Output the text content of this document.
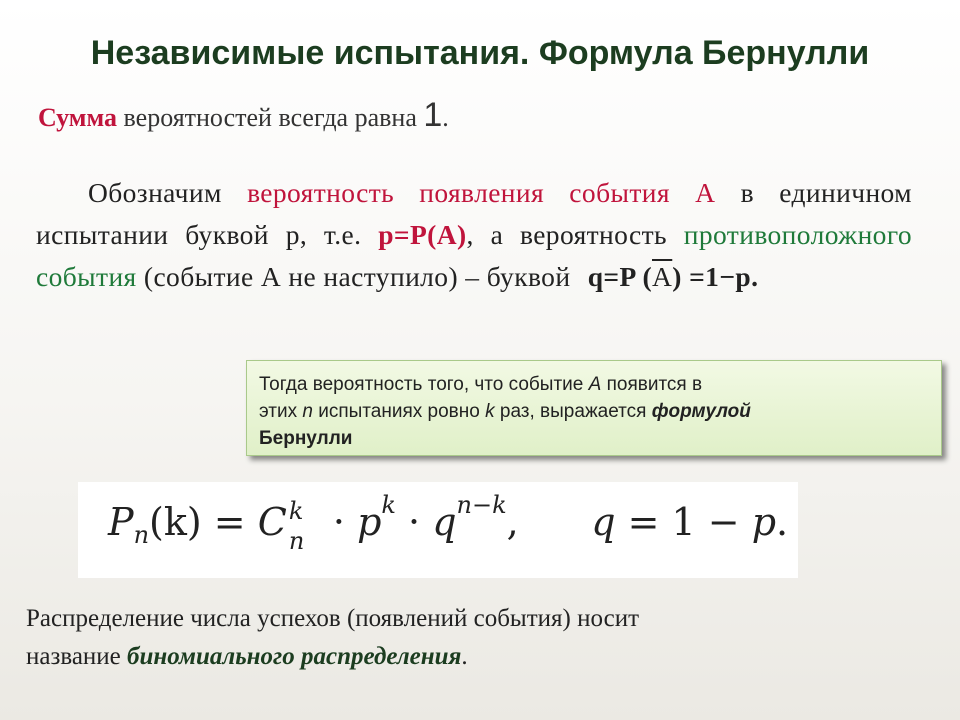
Независимые испытания. Формула Бернулли
Сумма вероятностей всегда равна 1.
Обозначим вероятность появления события А в единичном испытании буквой р, т.е. р=Р(А), а вероятность противоположного события (событие А не наступило) – буквой q=P (А) =1−р.
Тогда вероятность того, что событие A появится в
этих n испытаниях ровно k раз, выражается формулой
Бернулли
$P_n(k) = C$ k
$n \cdot p^k \cdot q^{n-k}$,      q = 1 − p.
Распределение числа успехов (появлений события) носит
название биномиального распределения.
